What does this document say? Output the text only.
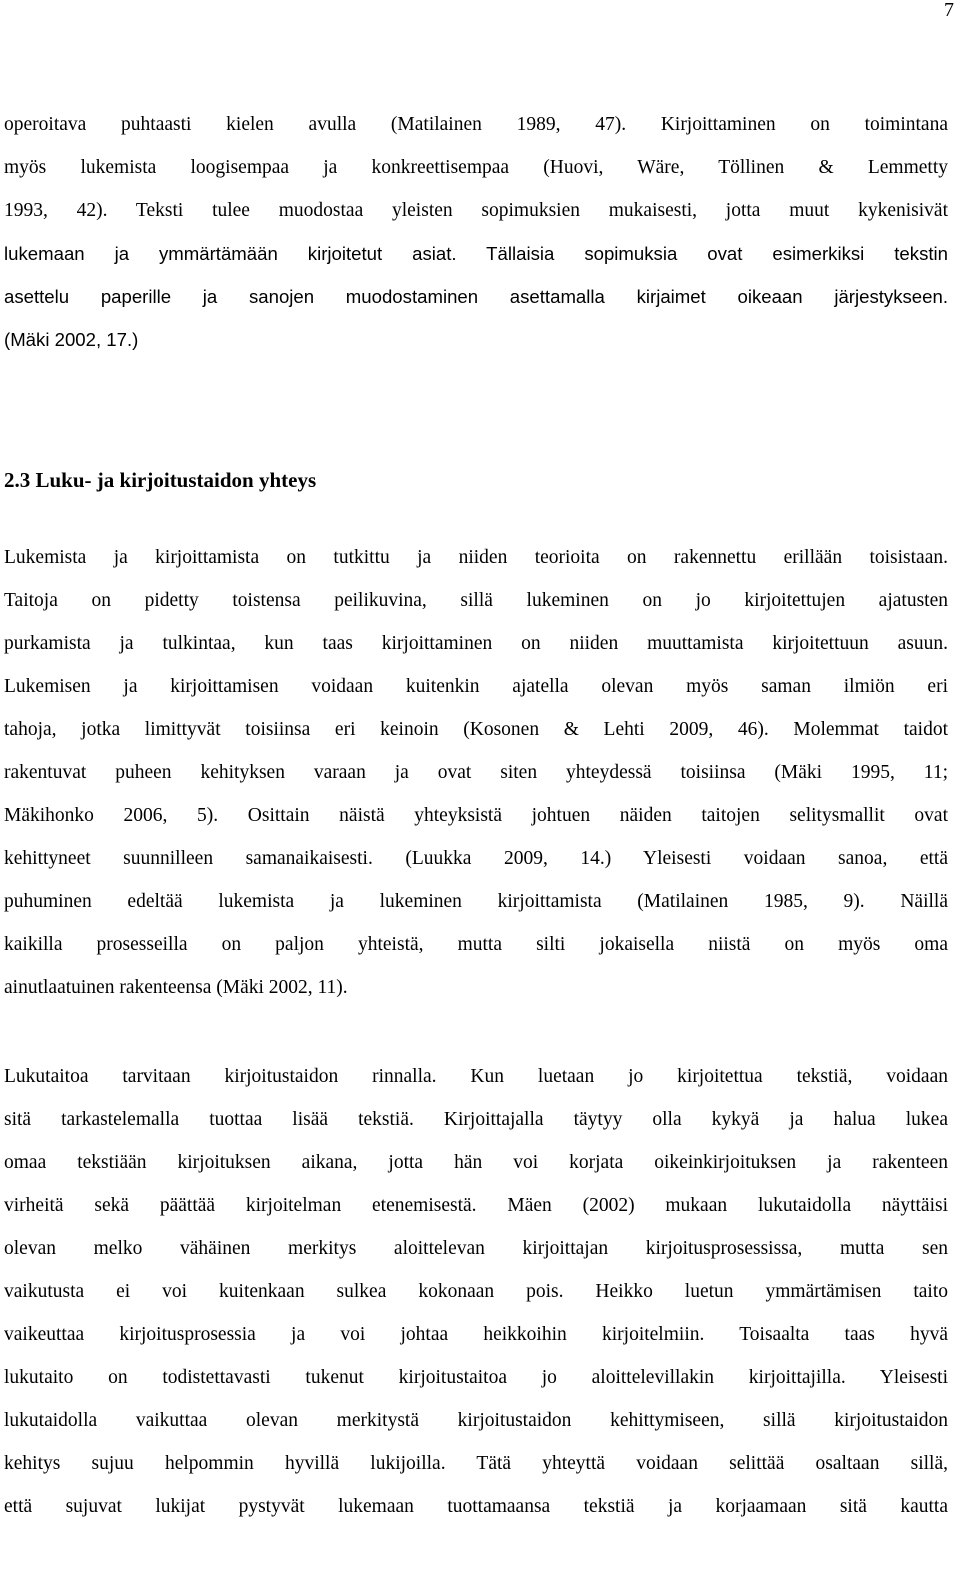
7
operoitava puhtaasti kielen avulla (Matilainen 1989, 47). Kirjoittaminen on toimintana
myös lukemista loogisempaa ja konkreettisempaa (Huovi, Wäre, Töllinen & Lemmetty
1993, 42). Teksti tulee muodostaa yleisten sopimuksien mukaisesti, jotta muut kykenisivät
lukemaan ja ymmärtämään kirjoitetut asiat. Tällaisia sopimuksia ovat esimerkiksi tekstin
asettelu paperille ja sanojen muodostaminen asettamalla kirjaimet oikeaan järjestykseen.
(Mäki 2002, 17.)
2.3 Luku- ja kirjoitustaidon yhteys
Lukemista ja kirjoittamista on tutkittu ja niiden teorioita on rakennettu erillään toisistaan.
Taitoja on pidetty toistensa peilikuvina, sillä lukeminen on jo kirjoitettujen ajatusten
purkamista ja tulkintaa, kun taas kirjoittaminen on niiden muuttamista kirjoitettuun asuun.
Lukemisen ja kirjoittamisen voidaan kuitenkin ajatella olevan myös saman ilmiön eri
tahoja, jotka limittyvät toisiinsa eri keinoin (Kosonen & Lehti 2009, 46). Molemmat taidot
rakentuvat puheen kehityksen varaan ja ovat siten yhteydessä toisiinsa (Mäki 1995, 11;
Mäkihonko 2006, 5). Osittain näistä yhteyksistä johtuen näiden taitojen selitysmallit ovat
kehittyneet suunnilleen samanaikaisesti. (Luukka 2009, 14.) Yleisesti voidaan sanoa, että
puhuminen edeltää lukemista ja lukeminen kirjoittamista (Matilainen 1985, 9). Näillä
kaikilla prosesseilla on paljon yhteistä, mutta silti jokaisella niistä on myös oma
ainutlaatuinen rakenteensa (Mäki 2002, 11).
Lukutaitoa tarvitaan kirjoitustaidon rinnalla. Kun luetaan jo kirjoitettua tekstiä, voidaan
sitä tarkastelemalla tuottaa lisää tekstiä. Kirjoittajalla täytyy olla kykyä ja halua lukea
omaa tekstiään kirjoituksen aikana, jotta hän voi korjata oikeinkirjoituksen ja rakenteen
virheitä sekä päättää kirjoitelman etenemisestä. Mäen (2002) mukaan lukutaidolla näyttäisi
olevan melko vähäinen merkitys aloittelevan kirjoittajan kirjoitusprosessissa, mutta sen
vaikutusta ei voi kuitenkaan sulkea kokonaan pois. Heikko luetun ymmärtämisen taito
vaikeuttaa kirjoitusprosessia ja voi johtaa heikkoihin kirjoitelmiin. Toisaalta taas hyvä
lukutaito on todistettavasti tukenut kirjoitustaitoa jo aloittelevillakin kirjoittajilla. Yleisesti
lukutaidolla vaikuttaa olevan merkitystä kirjoitustaidon kehittymiseen, sillä kirjoitustaidon
kehitys sujuu helpommin hyvillä lukijoilla. Tätä yhteyttä voidaan selittää osaltaan sillä,
että sujuvat lukijat pystyvät lukemaan tuottamaansa tekstiä ja korjaamaan sitä kautta
